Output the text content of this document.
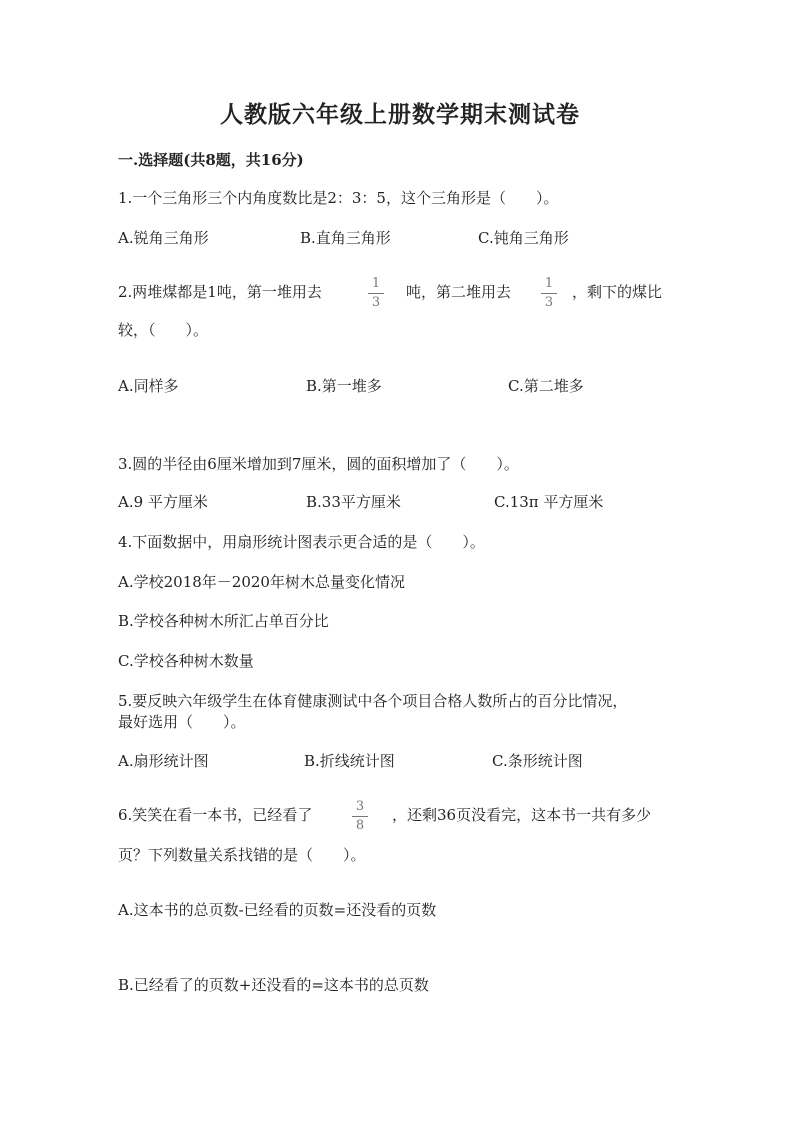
人教版六年级上册数学期末测试卷
一.选择题(共8题，共16分)
1.一个三角形三个内角度数比是2：3：5，这个三角形是（　　）。
A.锐角三角形	B.直角三角形	C.钝角三角形
2.两堆煤都是1吨，第一堆用去	1
3
吨，第二堆用去	1
3
，剩下的煤比
较，（　　）。
A.同样多	B.第一堆多	C.第二堆多
3.圆的半径由6厘米增加到7厘米，圆的面积增加了（　　）。
A.9 平方厘米	B.33平方厘米	C.13π 平方厘米
4.下面数据中，用扇形统计图表示更合适的是（　　）。
A.学校2018年－2020年树木总量变化情况
B.学校各种树木所汇占单百分比
C.学校各种树木数量
5.要反映六年级学生在体育健康测试中各个项目合格人数所占的百分比情况，
最好选用（　　）。
A.扇形统计图	B.折线统计图	C.条形统计图
6.笑笑在看一本书，已经看了	3
8
，还剩36页没看完，这本书一共有多少
页？下列数量关系找错的是（　　）。
A.这本书的总页数-已经看的页数=还没看的页数
B.已经看了的页数+还没看的=这本书的总页数
